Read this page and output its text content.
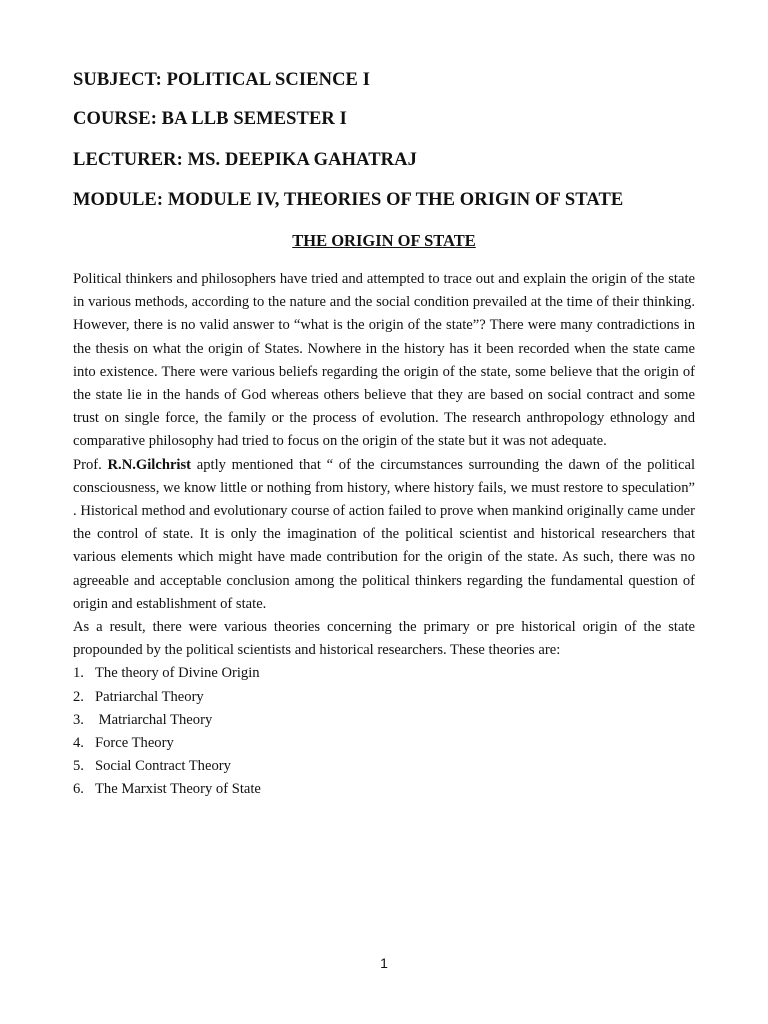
SUBJECT: POLITICAL SCIENCE I
COURSE: BA LLB SEMESTER I
LECTURER: MS. DEEPIKA GAHATRAJ
MODULE: MODULE IV, THEORIES OF THE ORIGIN OF STATE
THE ORIGIN OF STATE

Political thinkers and philosophers have tried and attempted to trace out and explain the origin of the state in various methods, according to the nature and the social condition prevailed at the time of their thinking. However, there is no valid answer to “what is the origin of the state”? There were many contradictions in the thesis on what the origin of States. Nowhere in the history has it been recorded when the state came into existence. There were various beliefs regarding the origin of the state, some believe that the origin of the state lie in the hands of God whereas others believe that they are based on social contract and some trust on single force, the family or the process of evolution. The research anthropology ethnology and comparative philosophy had tried to focus on the origin of the state but it was not adequate.

Prof. R.N.Gilchrist aptly mentioned that “ of the circumstances surrounding the dawn of the political consciousness, we know little or nothing from history, where history fails, we must restore to speculation” . Historical method and evolutionary course of action failed to prove when mankind originally came under the control of state. It is only the imagination of the political scientist and historical researchers that various elements which might have made contribution for the origin of the state. As such, there was no agreeable and acceptable conclusion among the political thinkers regarding the fundamental question of origin and establishment of state.

As a result, there were various theories concerning the primary or pre historical origin of the state propounded by the political scientists and historical researchers. These theories are:

1. The theory of Divine Origin
2. Patriarchal Theory
3. Matriarchal Theory
4. Force Theory
5. Social Contract Theory
6. The Marxist Theory of State
1
